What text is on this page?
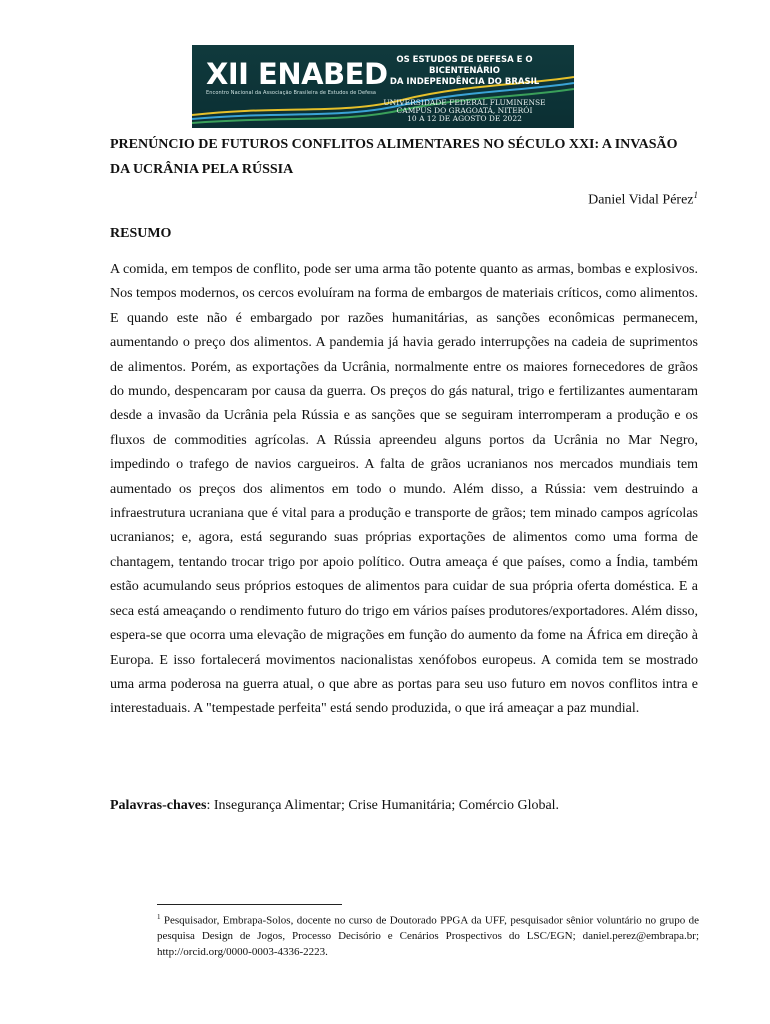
XII ENABED
Encontro Nacional da Associação Brasileira de Estudos de Defesa
OS ESTUDOS DE DEFESA E O BICENTENÁRIO
DA INDEPENDÊNCIA DO BRASIL
UNIVERSIDADE FEDERAL FLUMINENSE
CAMPUS DO GRAGOATÁ, NITERÓI
10 A 12 DE AGOSTO DE 2022
PRENÚNCIO DE FUTUROS CONFLITOS ALIMENTARES NO SÉCULO XXI: A INVASÃO DA UCRÂNIA PELA RÚSSIA
Daniel Vidal Pérez$^1$
RESUMO

A comida, em tempos de conflito, pode ser uma arma tão potente quanto as armas, bombas e explosivos. Nos tempos modernos, os cercos evoluíram na forma de embargos de materiais críticos, como alimentos. E quando este não é embargado por razões humanitárias, as sanções econômicas permanecem, aumentando o preço dos alimentos. A pandemia já havia gerado interrupções na cadeia de suprimentos de alimentos. Porém, as exportações da Ucrânia, normalmente entre os maiores fornecedores de grãos do mundo, despencaram por causa da guerra. Os preços do gás natural, trigo e fertilizantes aumentaram desde a invasão da Ucrânia pela Rússia e as sanções que se seguiram interromperam a produção e os fluxos de commodities agrícolas. A Rússia apreendeu alguns portos da Ucrânia no Mar Negro, impedindo o trafego de navios cargueiros. A falta de grãos ucranianos nos mercados mundiais tem aumentado os preços dos alimentos em todo o mundo. Além disso, a Rússia: vem destruindo a infraestrutura ucraniana que é vital para a produção e transporte de grãos; tem minado campos agrícolas ucranianos; e, agora, está segurando suas próprias exportações de alimentos como uma forma de chantagem, tentando trocar trigo por apoio político. Outra ameaça é que países, como a Índia, também estão acumulando seus próprios estoques de alimentos para cuidar de sua própria oferta doméstica. E a seca está ameaçando o rendimento futuro do trigo em vários países produtores/exportadores. Além disso, espera-se que ocorra uma elevação de migrações em função do aumento da fome na África em direção à Europa. E isso fortalecerá movimentos nacionalistas xenófobos europeus. A comida tem se mostrado uma arma poderosa na guerra atual, o que abre as portas para seu uso futuro em novos conflitos intra e interestaduais. A "tempestade perfeita" está sendo produzida, o que irá ameaçar a paz mundial.

Palavras-chaves: Insegurança Alimentar; Crise Humanitária; Comércio Global.

$^1$ Pesquisador, Embrapa-Solos, docente no curso de Doutorado PPGA da UFF, pesquisador sênior voluntário no grupo de pesquisa Design de Jogos, Processo Decisório e Cenários Prospectivos do LSC/EGN; daniel.perez@embrapa.br; http://orcid.org/0000-0003-4336-2223.
